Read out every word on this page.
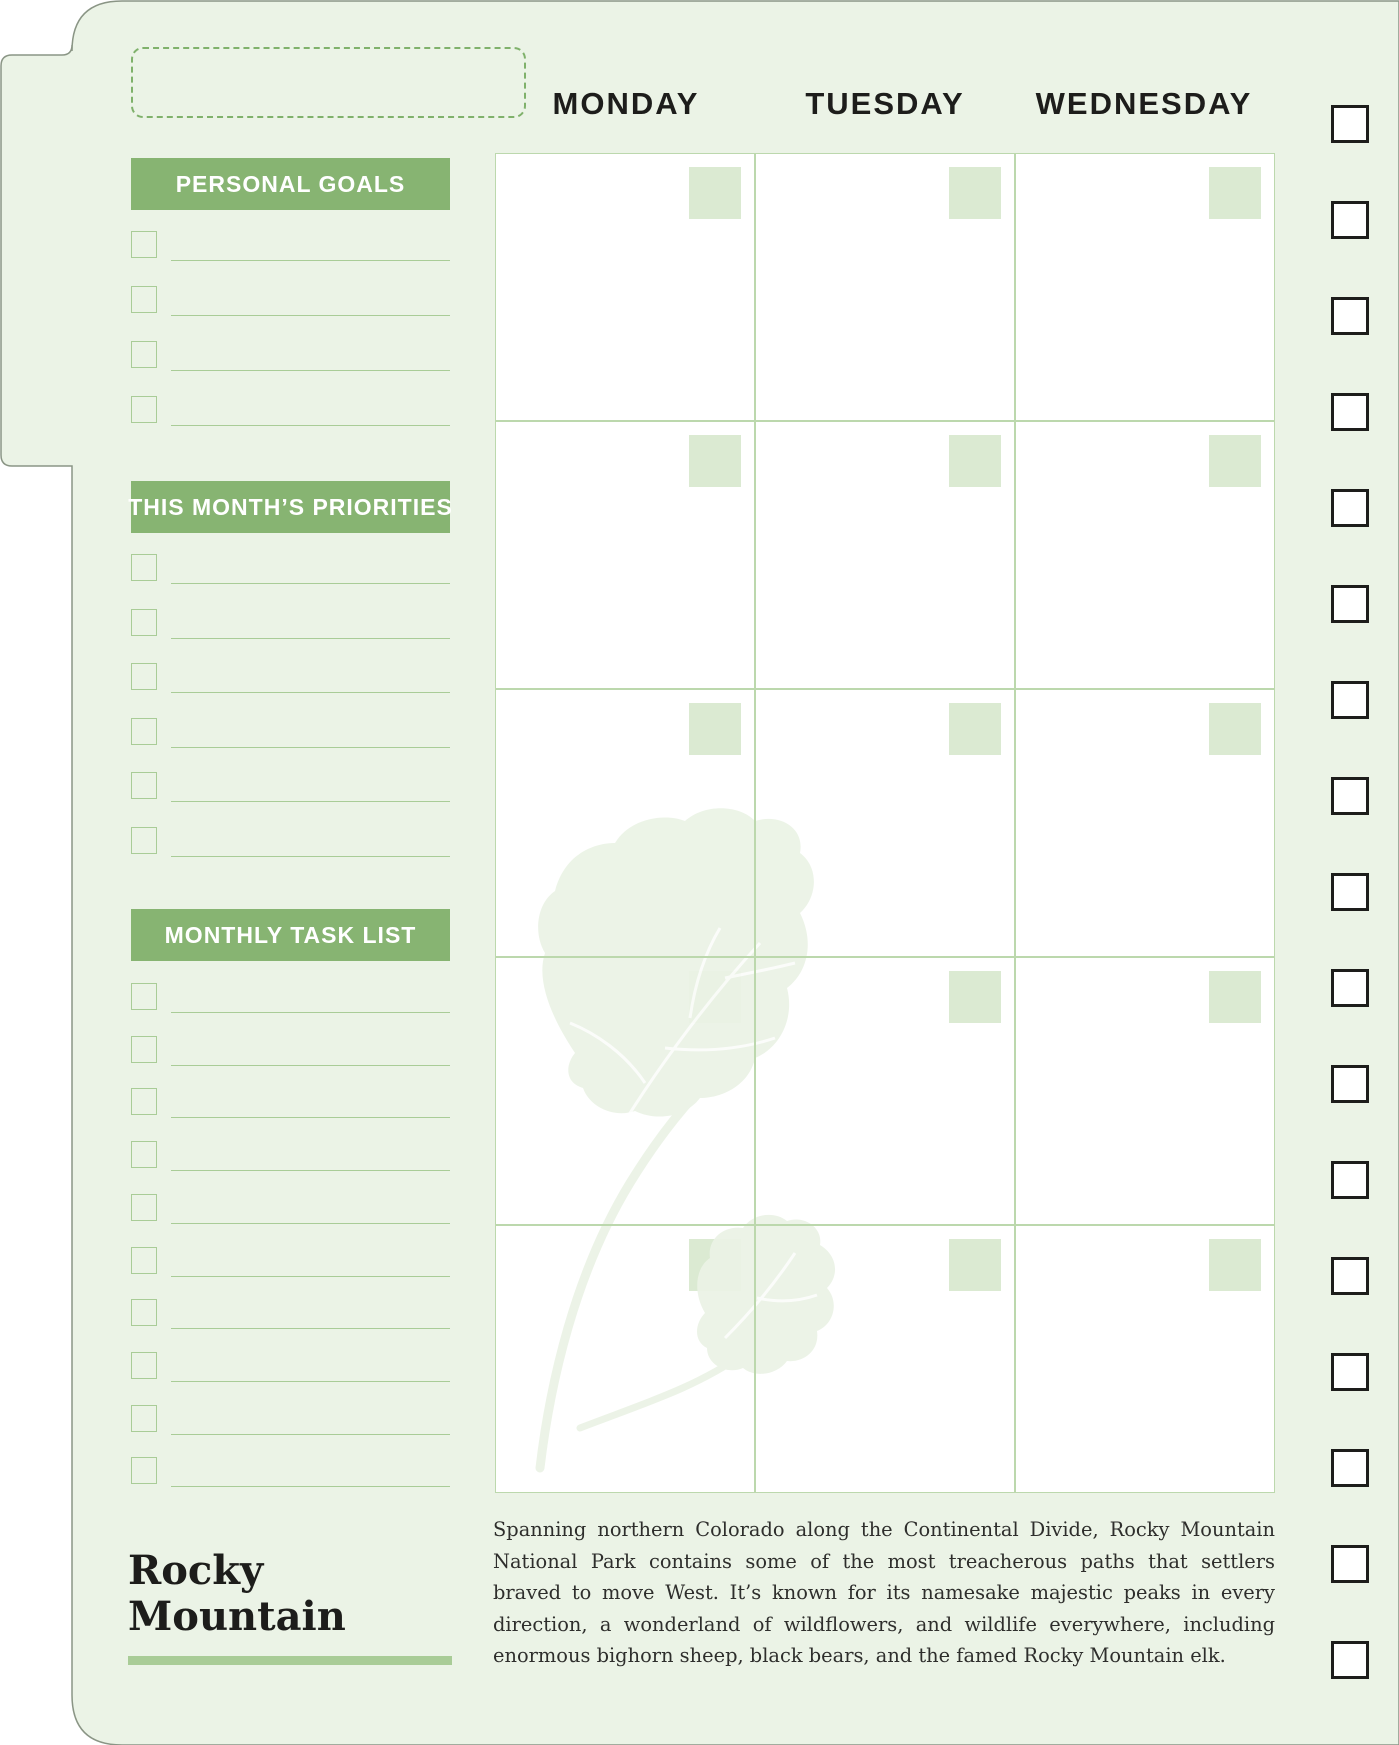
MONDAY	TUESDAY	WEDNESDAY
PERSONAL GOALS
THIS MONTH’S PRIORITIES
MONTHLY TASK LIST
Rocky
Mountain
Spanning northern Colorado along the Continental Divide, Rocky Mountain National Park contains some of the most treacherous paths that settlers braved to move West. It’s known for its namesake majestic peaks in every direction, a wonderland of wildflowers, and wildlife everywhere, including enormous bighorn sheep, black bears, and the famed Rocky Mountain elk.
